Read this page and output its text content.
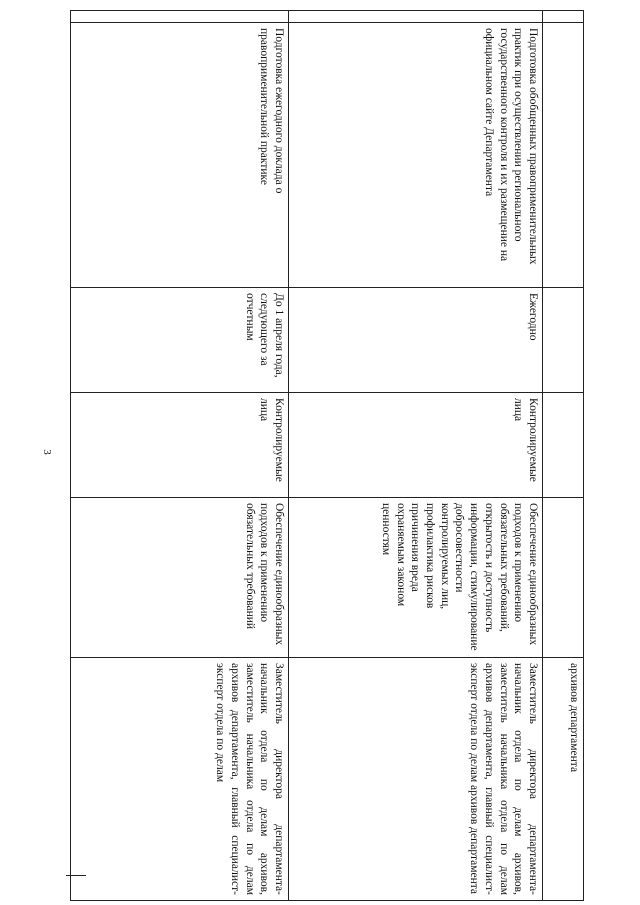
3
					архивов департамента
	Подготовка обобщенных правоприменительных практик при осуществлении регионального государственного контроля и их размещение на официальном сайте Департамента	Ежегодно	Контролируемые лица	Обеспечение единообразных подходов к применению обязательных требований, открытость и доступность информации, стимулирование добросовестности контролируемых лиц, профилактика рисков причинения вреда охраняемым законом ценностям	Заместитель директора департамента-начальник отдела по делам архивов, заместитель начальника отдела по делам архивов департамента, главный специалист-эксперт отдела по делам архивов департамента
	Подготовка ежегодного доклада о правоприменительной практике	До 1 апреля года, следующего за отчетным	Контролируемые лица	Обеспечение единообразных подходов к применению обязательных требований	Заместитель директора департамента-начальник отдела по делам архивов, заместитель начальника отдела по делам архивов департамента, главный специалист-эксперт отдела по делам
